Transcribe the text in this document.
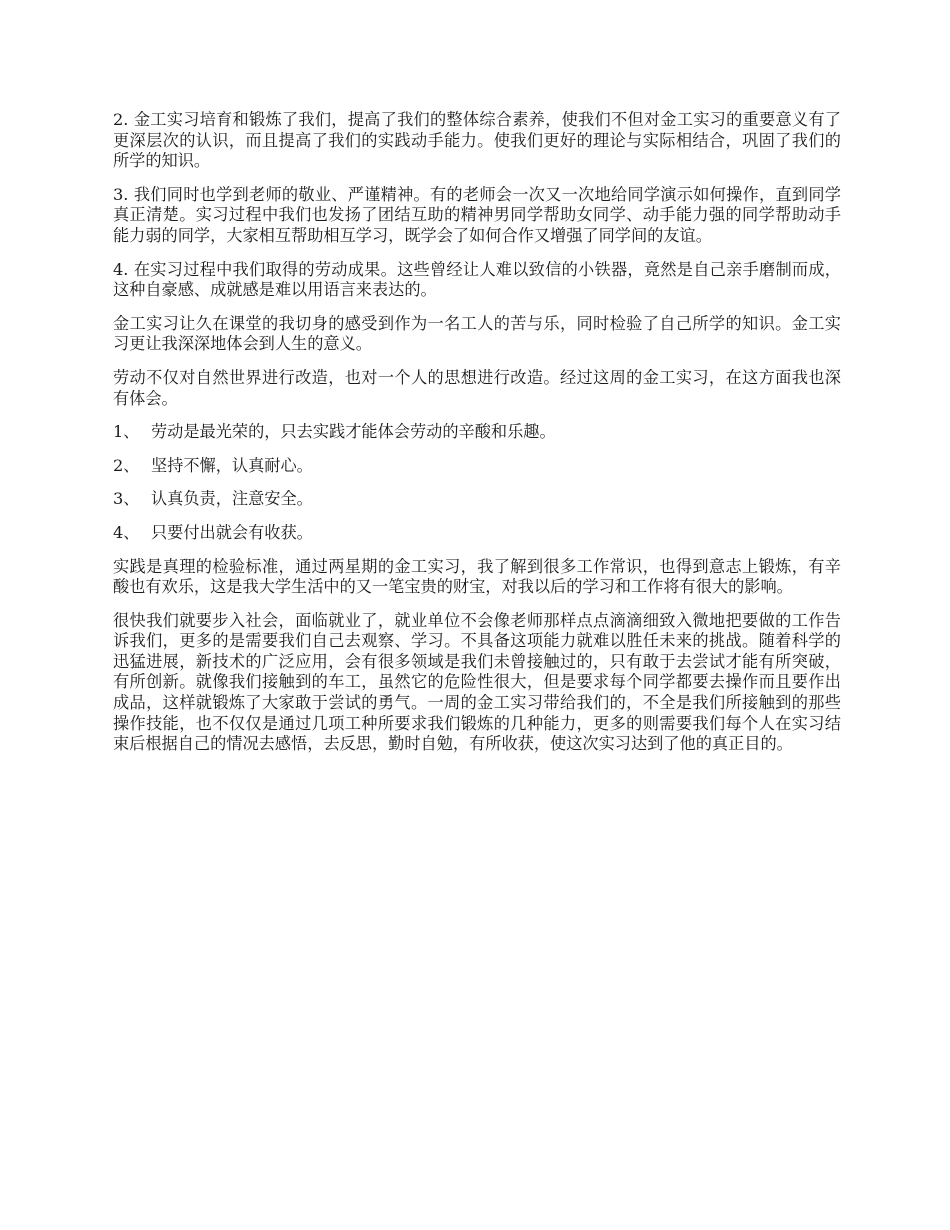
2. 金工实习培育和锻炼了我们，提高了我们的整体综合素养，使我们不但对金工实习的重要意义有了更深层次的认识，而且提高了我们的实践动手能力。使我们更好的理论与实际相结合，巩固了我们的所学的知识。

3. 我们同时也学到老师的敬业、严谨精神。有的老师会一次又一次地给同学演示如何操作，直到同学真正清楚。实习过程中我们也发扬了团结互助的精神男同学帮助女同学、动手能力强的同学帮助动手能力弱的同学，大家相互帮助相互学习，既学会了如何合作又增强了同学间的友谊。

4. 在实习过程中我们取得的劳动成果。这些曾经让人难以致信的小铁器，竟然是自己亲手磨制而成，这种自豪感、成就感是难以用语言来表达的。

金工实习让久在课堂的我切身的感受到作为一名工人的苦与乐，同时检验了自己所学的知识。金工实习更让我深深地体会到人生的意义。

劳动不仅对自然世界进行改造，也对一个人的思想进行改造。经过这周的金工实习，在这方面我也深有体会。

1、 劳动是最光荣的，只去实践才能体会劳动的辛酸和乐趣。
2、 坚持不懈，认真耐心。
3、 认真负责，注意安全。
4、 只要付出就会有收获。

实践是真理的检验标准，通过两星期的金工实习，我了解到很多工作常识，也得到意志上锻炼，有辛酸也有欢乐，这是我大学生活中的又一笔宝贵的财宝，对我以后的学习和工作将有很大的影响。

很快我们就要步入社会，面临就业了，就业单位不会像老师那样点点滴滴细致入微地把要做的工作告诉我们，更多的是需要我们自己去观察、学习。不具备这项能力就难以胜任未来的挑战。随着科学的迅猛进展，新技术的广泛应用，会有很多领域是我们未曾接触过的，只有敢于去尝试才能有所突破，有所创新。就像我们接触到的车工，虽然它的危险性很大，但是要求每个同学都要去操作而且要作出成品，这样就锻炼了大家敢于尝试的勇气。一周的金工实习带给我们的，不全是我们所接触到的那些操作技能，也不仅仅是通过几项工种所要求我们锻炼的几种能力，更多的则需要我们每个人在实习结束后根据自己的情况去感悟，去反思，勤时自勉，有所收获，使这次实习达到了他的真正目的。
